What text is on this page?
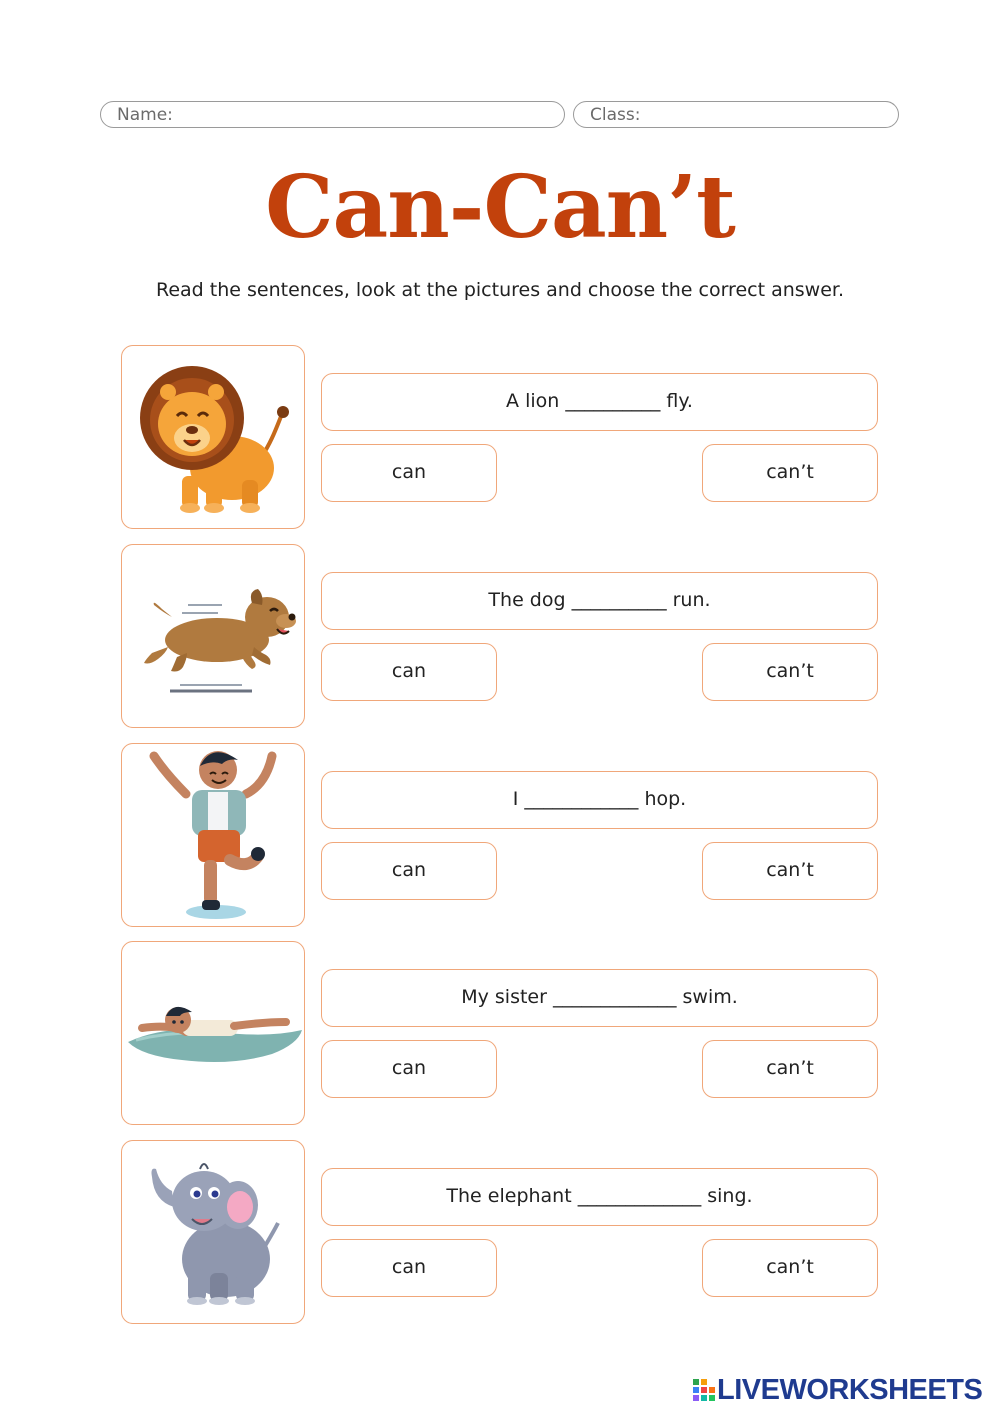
Name:	Class:
Can-Can’t
Read the sentences, look at the pictures and choose the correct answer.
A lion __________ fly.
can	can’t
The dog __________ run.
can	can’t
I ____________ hop.
can	can’t
My sister _____________ swim.
can	can’t
The elephant _____________ sing.
can	can’t
LIVEWORKSHEETS
